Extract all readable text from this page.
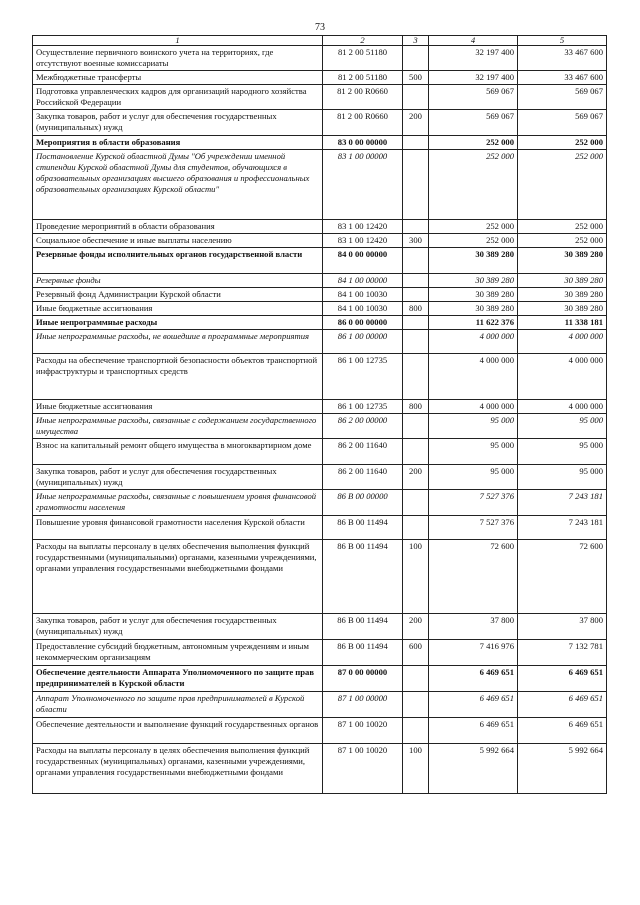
73
1	2	3	4	5
Осуществление первичного воинского учета на территориях, где отсутствуют военные комиссариаты	81 2 00 51180		32 197 400	33 467 600
Межбюджетные трансферты	81 2 00 51180	500	32 197 400	33 467 600
Подготовка управленческих кадров для организаций народного хозяйства Российской Федерации	81 2 00 R0660		569 067	569 067
Закупка товаров, работ и услуг для обеспечения государственных (муниципальных) нужд	81 2 00 R0660	200	569 067	569 067
Мероприятия в области образования	83 0 00 00000		252 000	252 000
Постановление Курской областной Думы "Об учреждении именной стипендии Курской областной Думы для студентов, обучающихся в образовательных организациях высшего образования и профессиональных образовательных организациях Курской области"	83 1 00 00000		252 000	252 000
Проведение мероприятий в области образования	83 1 00 12420		252 000	252 000
Социальное обеспечение и иные выплаты населению	83 1 00 12420	300	252 000	252 000
Резервные фонды исполнительных органов государственной власти	84 0 00 00000		30 389 280	30 389 280
Резервные фонды	84 1 00 00000		30 389 280	30 389 280
Резервный фонд Администрации Курской области	84 1 00 10030		30 389 280	30 389 280
Иные бюджетные ассигнования	84 1 00 10030	800	30 389 280	30 389 280
Иные непрограммные расходы	86 0 00 00000		11 622 376	11 338 181
Иные непрограммные расходы, не вошедшие в программные мероприятия	86 1 00 00000		4 000 000	4 000 000
Расходы на обеспечение транспортной безопасности объектов транспортной инфраструктуры и транспортных средств	86 1 00 12735		4 000 000	4 000 000
Иные бюджетные ассигнования	86 1 00 12735	800	4 000 000	4 000 000
Иные непрограммные расходы, связанные с содержанием государственного имущества	86 2 00 00000		95 000	95 000
Взнос на капитальный ремонт общего имущества в многоквартирном доме	86 2 00 11640		95 000	95 000
Закупка товаров, работ и услуг для обеспечения государственных (муниципальных) нужд	86 2 00 11640	200	95 000	95 000
Иные непрограммные расходы, связанные с повышением уровня финансовой грамотности населения	86 В 00 00000		7 527 376	7 243 181
Повышение уровня финансовой грамотности населения Курской области	86 В 00 11494		7 527 376	7 243 181
Расходы на выплаты персоналу в целях обеспечения выполнения функций государственными (муниципальными) органами, казенными учреждениями, органами управления государственными внебюджетными фондами	86 В 00 11494	100	72 600	72 600
Закупка товаров, работ и услуг для обеспечения государственных (муниципальных) нужд	86 В 00 11494	200	37 800	37 800
Предоставление субсидий бюджетным, автономным учреждениям и иным некоммерческим организациям	86 В 00 11494	600	7 416 976	7 132 781
Обеспечение деятельности Аппарата Уполномоченного по защите прав предпринимателей в Курской области	87 0 00 00000		6 469 651	6 469 651
Аппарат Уполномоченного по защите прав предпринимателей в Курской области	87 1 00 00000		6 469 651	6 469 651
Обеспечение деятельности и выполнение функций государственных органов	87 1 00 10020		6 469 651	6 469 651
Расходы на выплаты персоналу в целях обеспечения выполнения функций государственных (муниципальных) органами, казенными учреждениями, органами управления государственными внебюджетными фондами	87 1 00 10020	100	5 992 664	5 992 664
